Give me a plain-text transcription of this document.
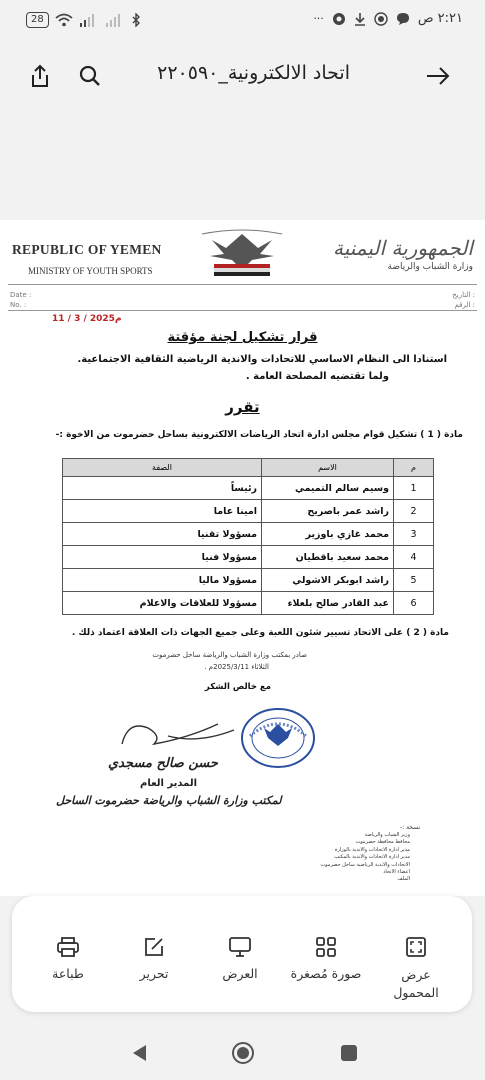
28	···	٢:٢١ ص
اتحاد الالكترونية_٢٢٠٥٩٠
REPUBLIC OF YEMEN
MINISTRY OF YOUTH SPORTS
الجمهورية اليمنية
وزارة الشباب والرياضة
Date :
No. :
: التاريخ
: الرقم
11 / 3 / 2025م
قرار تشكيل لجنة مؤقتة
استنادا الى النظام الاساسي للاتحادات والاندية الرياضية الثقافية الاجتماعية.
ولما تقتضيه المصلحة العامة .
تقرر
مادة ( 1 ) تشكيل قوام مجلس ادارة اتحاد الرياضات الالكترونية بساحل حضرموت من الاخوة :-
م	الاسم	الصفة
1	وسيم سالم التميمي	رئيساً
2	راشد عمر باصريح	امينا عاما
3	محمد غازي باوزير	مسؤولا تقنيا
4	محمد سعيد باقطيان	مسؤولا فنيا
5	راشد ابوبكر الاشولي	مسؤولا ماليا
6	عبد القادر صالح بلعلاء	مسؤولا للعلاقات والاعلام
مادة ( 2 ) على الاتحاد تسيير شئون اللعبة وعلى جميع الجهات ذات العلاقة اعتماد ذلك .
صادر بمكتب وزارة الشباب والرياضة ساحل حضرموت
الثلاثاء 2025/3/11م .
مع خالص الشكر
حسن صالح مسجدي
المدير العام
لمكتب وزارة الشباب والرياضة حضرموت الساحل
نسخة :-
وزير الشباب والرياضة
محافظ محافظة حضرموت
مدير ادارة الاتحادات والاندية بالوزارة
مدير ادارة الاتحادات والاندية بالمكتب
الاتحادات والاندية الرياضية ساحل حضرموت
اعضاء الاتحاد
الملف
عرض
المحمول
صورة مُصغرة
العرض
تحرير
طباعة
